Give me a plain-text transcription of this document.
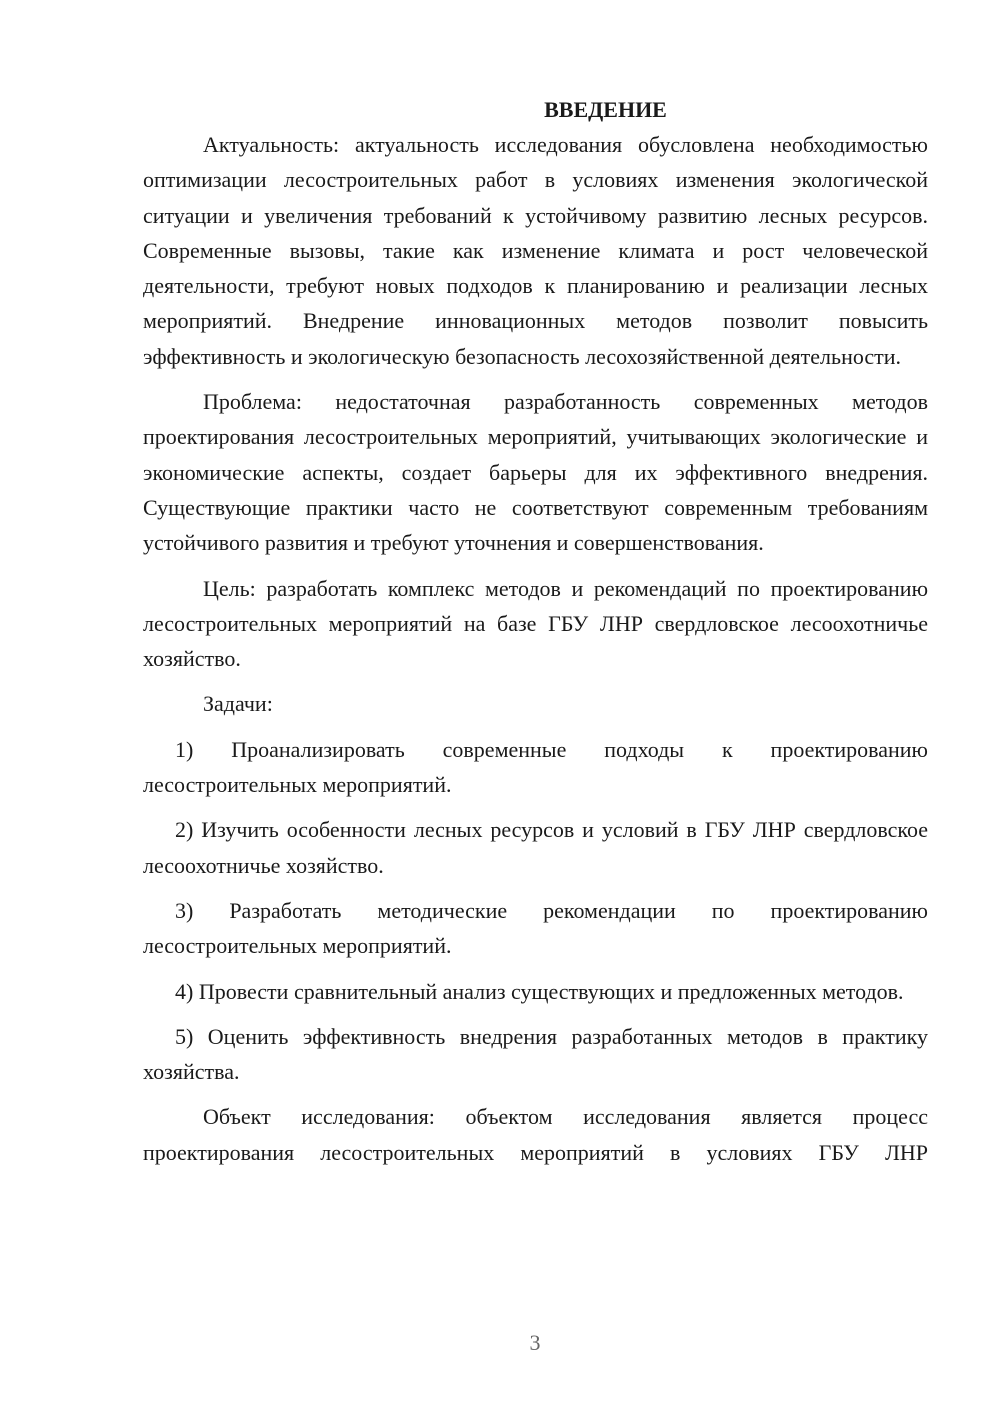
ВВЕДЕНИЕ

Актуальность: актуальность исследования обусловлена необходимостью оптимизации лесостроительных работ в условиях изменения экологической ситуации и увеличения требований к устойчивому развитию лесных ресурсов. Современные вызовы, такие как изменение климата и рост человеческой деятельности, требуют новых подходов к планированию и реализации лесных мероприятий. Внедрение инновационных методов позволит повысить эффективность и экологическую безопасность лесохозяйственной деятельности.

Проблема: недостаточная разработанность современных методов проектирования лесостроительных мероприятий, учитывающих экологические и экономические аспекты, создает барьеры для их эффективного внедрения. Существующие практики часто не соответствуют современным требованиям устойчивого развития и требуют уточнения и совершенствования.

Цель: разработать комплекс методов и рекомендаций по проектированию лесостроительных мероприятий на базе ГБУ ЛНР свердловское лесоохотничье хозяйство.

Задачи:

1) Проанализировать современные подходы к проектированию лесостроительных мероприятий.

2) Изучить особенности лесных ресурсов и условий в ГБУ ЛНР свердловское лесоохотничье хозяйство.

3) Разработать методические рекомендации по проектированию лесостроительных мероприятий.

4) Провести сравнительный анализ существующих и предложенных методов.

5) Оценить эффективность внедрения разработанных методов в практику хозяйства.

Объект исследования: объектом исследования является процесс проектирования лесостроительных мероприятий в условиях ГБУ ЛНР

3
